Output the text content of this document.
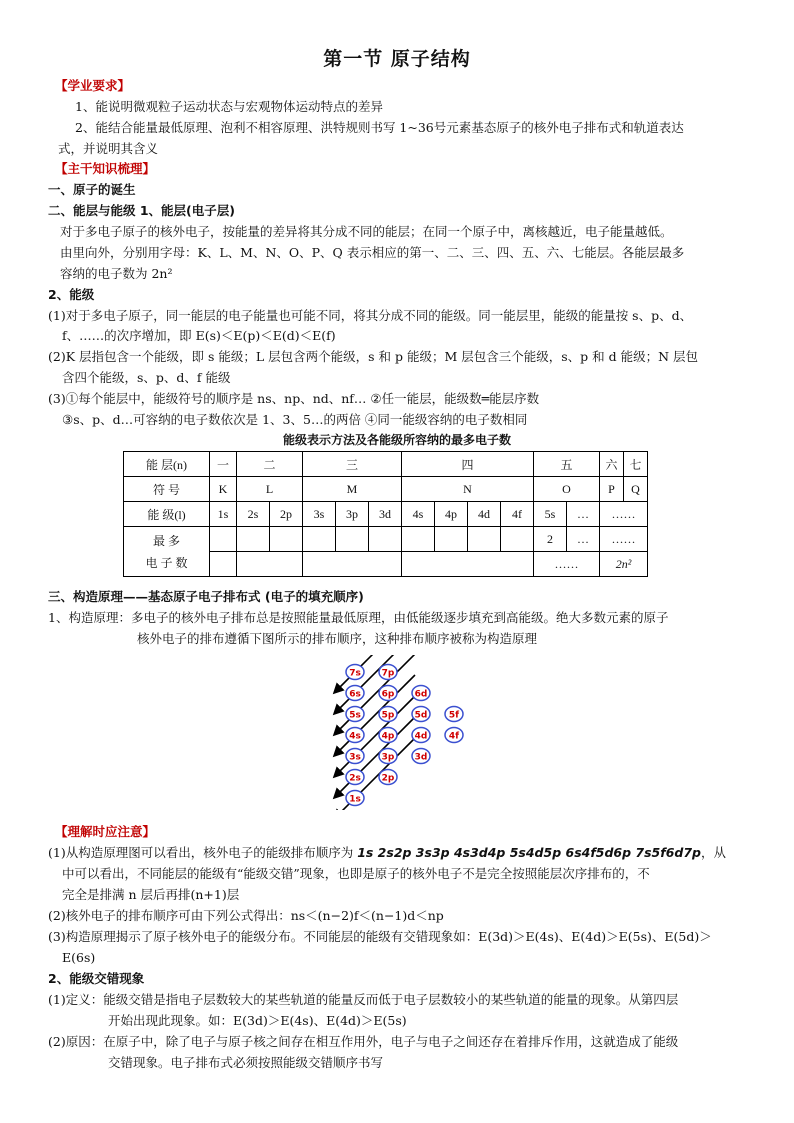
第一节 原子结构
【学业要求】
1、能说明微观粒子运动状态与宏观物体运动特点的差异
2、能结合能量最低原理、泡利不相容原理、洪特规则书写 1~36号元素基态原子的核外电子排布式和轨道表达
式，并说明其含义
【主干知识梳理】
一、原子的诞生
二、能层与能级 1、能层(电子层)
对于多电子原子的核外电子，按能量的差异将其分成不同的能层；在同一个原子中，离核越近，电子能量越低。
由里向外，分别用字母：K、L、M、N、O、P、Q 表示相应的第一、二、三、四、五、六、七能层。各能层最多
容纳的电子数为 2n²
2、能级
(1)对于多电子原子，同一能层的电子能量也可能不同，将其分成不同的能级。同一能层里，能级的能量按 s、p、d、
f、……的次序增加，即 E(s)＜E(p)＜E(d)＜E(f)
(2)K 层指包含一个能级，即 s 能级；L 层包含两个能级，s 和 p 能级；M 层包含三个能级，s、p 和 d 能级；N 层包
含四个能级，s、p、d、f 能级
(3)①每个能层中，能级符号的顺序是 ns、np、nd、nf… ②任一能层，能级数═能层序数
③s、p、d…可容纳的电子数依次是 1、3、5…的两倍 ④同一能级容纳的电子数相同
能级表示方法及各能级所容纳的最多电子数
能 层(n)	一	二		三			四				五		六	七
符 号	K	L		M			N				O		P	Q
能 级(l)	1s	2s	2p	3s	3p	3d	4s	4p	4d	4f	5s	…	……	
最 多
电 子 数											2	…	……	
											……		2n²	
三、构造原理——基态原子电子排布式 (电子的填充顺序)
1、构造原理：多电子的核外电子排布总是按照能量最低原理，由低能级逐步填充到高能级。绝大多数元素的原子
核外电子的排布遵循下图所示的排布顺序，这种排布顺序被称为构造原理
7s 7p
6s 6p 6d
5s 5p 5d 5f
4s 4p 4d 4f
3s 3p 3d
2s 2p
1s
【理解时应注意】
(1)从构造原理图可以看出，核外电子的能级排布顺序为 1s 2s2p 3s3p 4s3d4p 5s4d5p 6s4f5d6p 7s5f6d7p，从
中可以看出，不同能层的能级有“能级交错”现象，也即是原子的核外电子不是完全按照能层次序排布的，不
完全是排满 n 层后再排(n+1)层
(2)核外电子的排布顺序可由下列公式得出：ns＜(n−2)f＜(n−1)d＜np
(3)构造原理揭示了原子核外电子的能级分布。不同能层的能级有交错现象如：E(3d)＞E(4s)、E(4d)＞E(5s)、E(5d)＞
E(6s)
2、能级交错现象
(1)定义：能级交错是指电子层数较大的某些轨道的能量反而低于电子层数较小的某些轨道的能量的现象。从第四层
开始出现此现象。如：E(3d)＞E(4s)、E(4d)＞E(5s)
(2)原因：在原子中，除了电子与原子核之间存在相互作用外，电子与电子之间还存在着排斥作用，这就造成了能级
交错现象。电子排布式必须按照能级交错顺序书写
